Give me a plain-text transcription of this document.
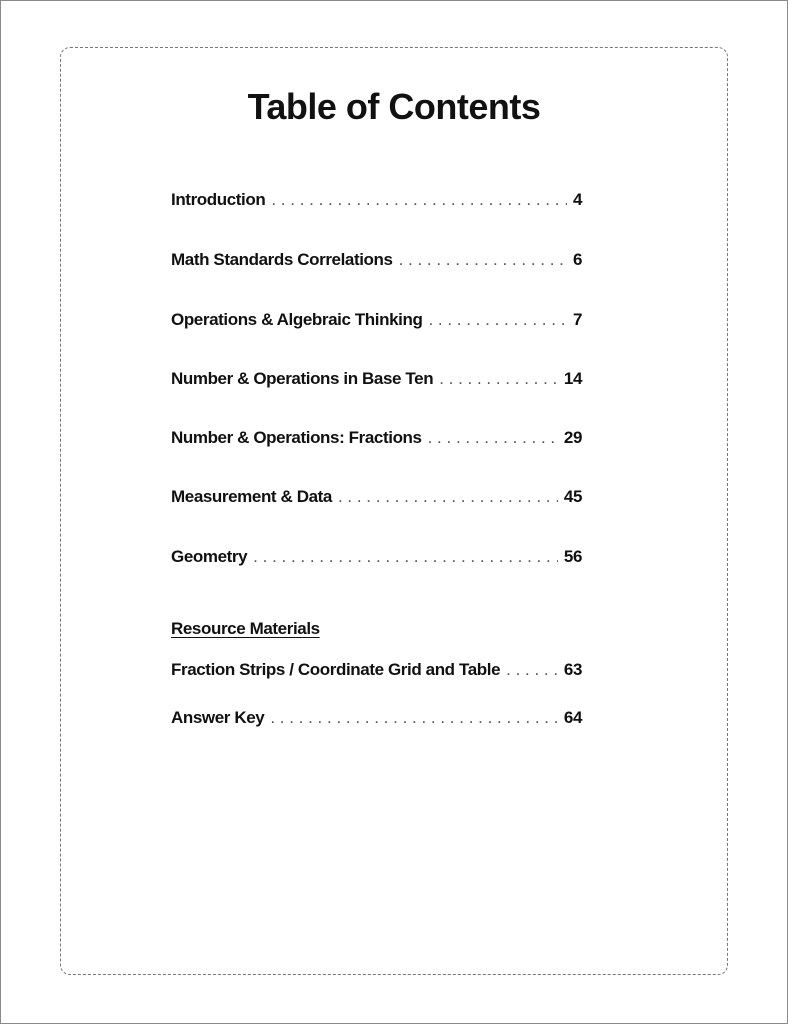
Table of Contents
Introduction . . .	4
Math Standards Correlations . . .	6
Operations & Algebraic Thinking . . .	7
Number & Operations in Base Ten . . .	14
Number & Operations: Fractions . . .	29
Measurement & Data . . .	45
Geometry . . .	56
Resource Materials
Fraction Strips / Coordinate Grid and Table . . .	63
Answer Key . . .	64
